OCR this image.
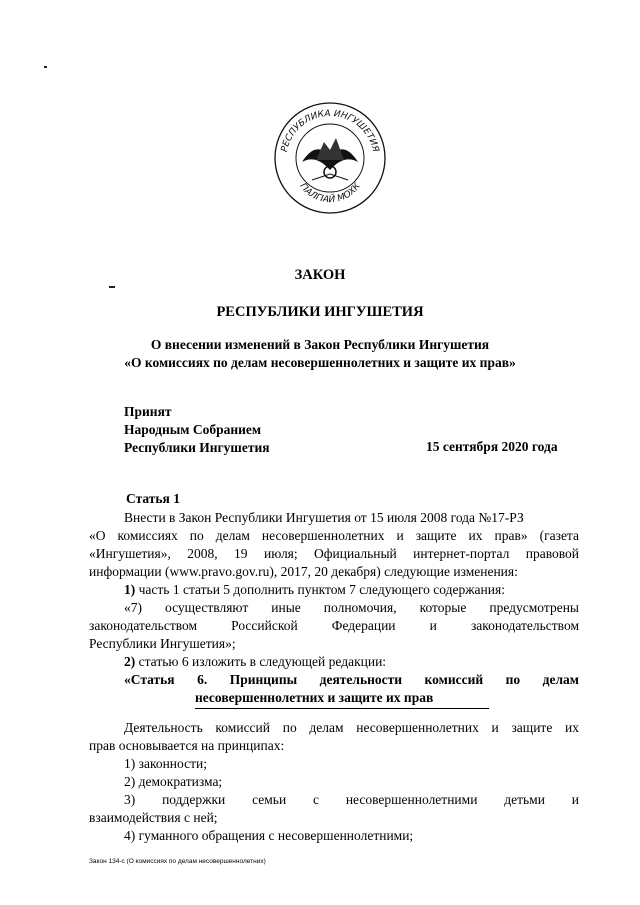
РЕСПУБЛИКА ИНГУШЕТИЯ
ГIАЛГIАЙ МОХК
ЗАКОН
РЕСПУБЛИКИ ИНГУШЕТИЯ
О внесении изменений в Закон Республики Ингушетия
«О комиссиях по делам несовершеннолетних и защите их прав»
Принят
Народным Собранием
Республики Ингушетия	15 сентября 2020 года
Статья 1
Внести в Закон Республики Ингушетия от 15 июля 2008 года №17-РЗ
«О комиссиях по делам несовершеннолетних и защите их прав» (газета
«Ингушетия», 2008, 19 июля; Официальный интернет-портал правовой
информации (www.pravo.gov.ru), 2017, 20 декабря) следующие изменения:
1) часть 1 статьи 5 дополнить пунктом 7 следующего содержания:
«7) осуществляют иные полномочия, которые предусмотрены
законодательством Российской Федерации и законодательством
Республики Ингушетия»;
2) статью 6 изложить в следующей редакции:
«Статья 6. Принципы деятельности комиссий по делам
несовершеннолетних и защите их прав
Деятельность комиссий по делам несовершеннолетних и защите их
прав основывается на принципах:
1) законности;
2) демократизма;
3) поддержки семьи с несовершеннолетними детьми и
взаимодействия с ней;
4) гуманного обращения с несовершеннолетними;
Закон 134-с (О комиссиях по делам несовершеннолетних)
